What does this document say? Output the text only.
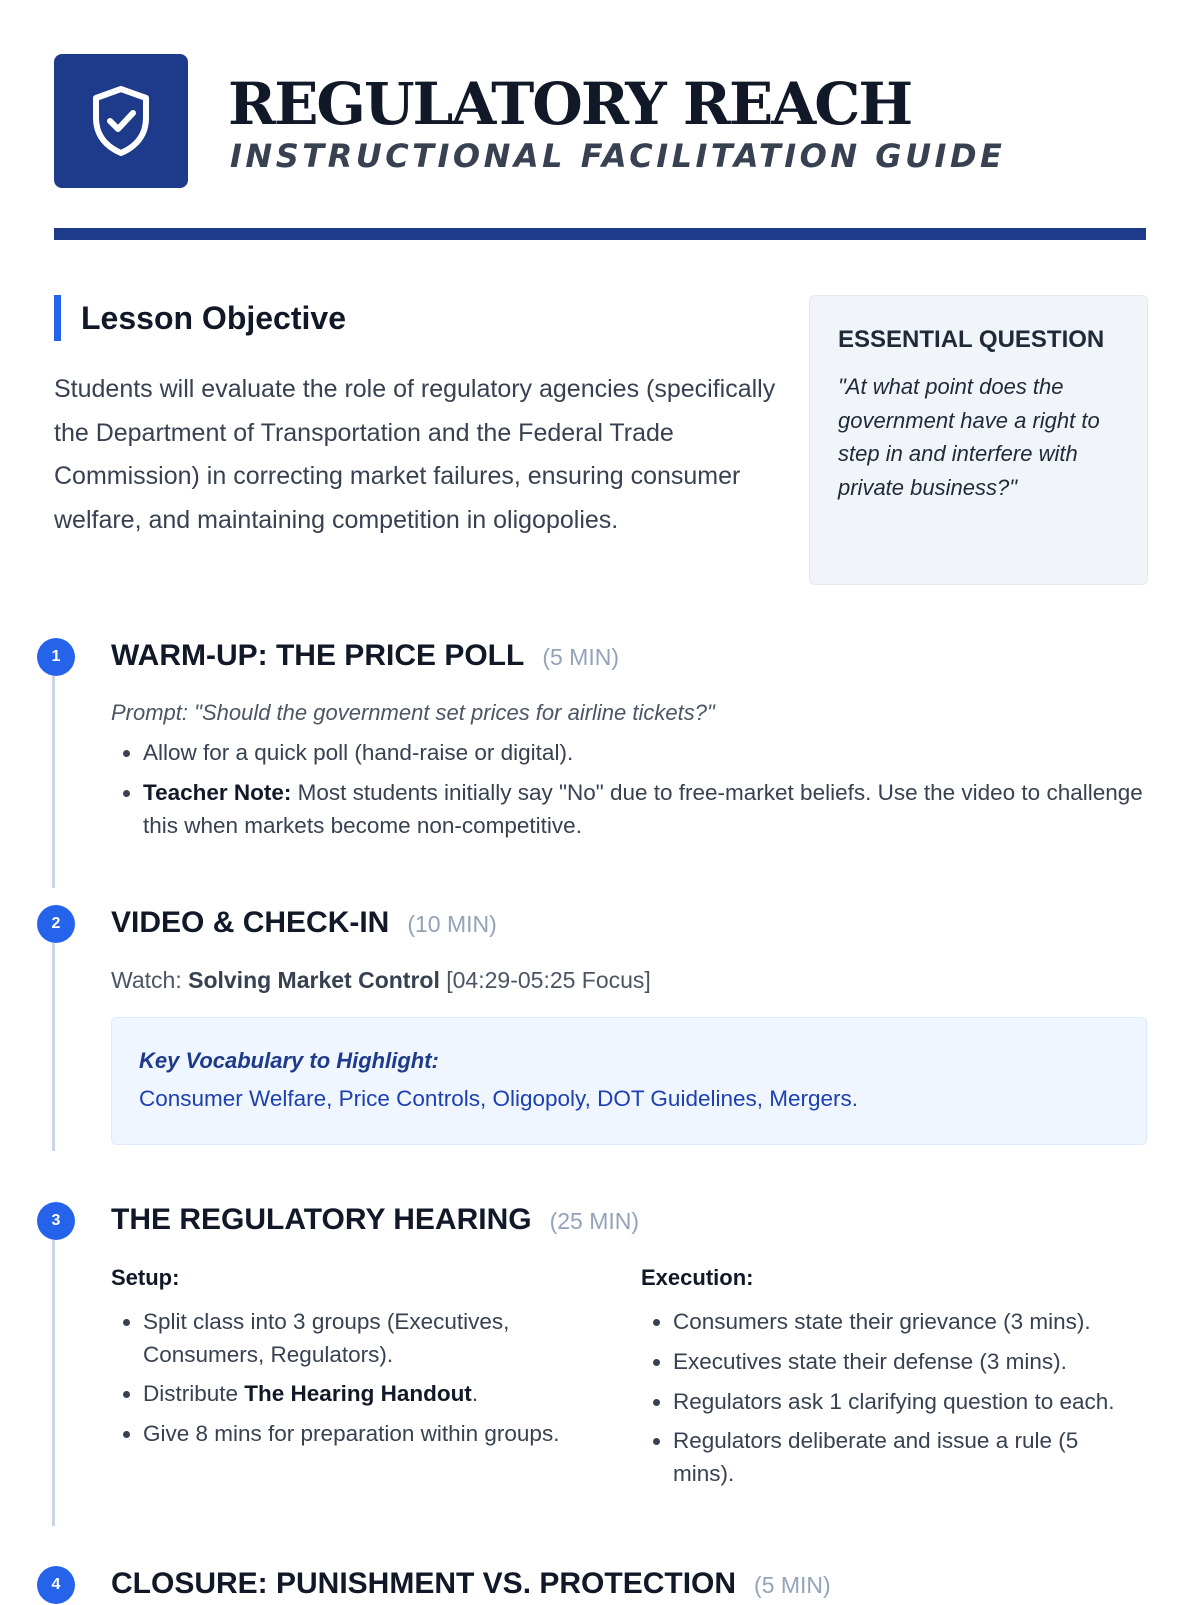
REGULATORY REACH
INSTRUCTIONAL FACILITATION GUIDE
Lesson Objective
Students will evaluate the role of regulatory agencies (specifically the Department of Transportation and the Federal Trade Commission) in correcting market failures, ensuring consumer welfare, and maintaining competition in oligopolies.
ESSENTIAL QUESTION
"At what point does the government have a right to step in and interfere with private business?"
1	WARM-UP: THE PRICE POLL (5 MIN)
Prompt: "Should the government set prices for airline tickets?"
• Allow for a quick poll (hand-raise or digital).
• Teacher Note: Most students initially say "No" due to free-market beliefs. Use the video to challenge this when markets become non-competitive.
2	VIDEO & CHECK-IN (10 MIN)
Watch: Solving Market Control [04:29-05:25 Focus]
Key Vocabulary to Highlight:
Consumer Welfare, Price Controls, Oligopoly, DOT Guidelines, Mergers.
3	THE REGULATORY HEARING (25 MIN)
Setup:
• Split class into 3 groups (Executives, Consumers, Regulators).
• Distribute The Hearing Handout.
• Give 8 mins for preparation within groups.
Execution:
• Consumers state their grievance (3 mins).
• Executives state their defense (3 mins).
• Regulators ask 1 clarifying question to each.
• Regulators deliberate and issue a rule (5 mins).
4	CLOSURE: PUNISHMENT VS. PROTECTION (5 MIN)
